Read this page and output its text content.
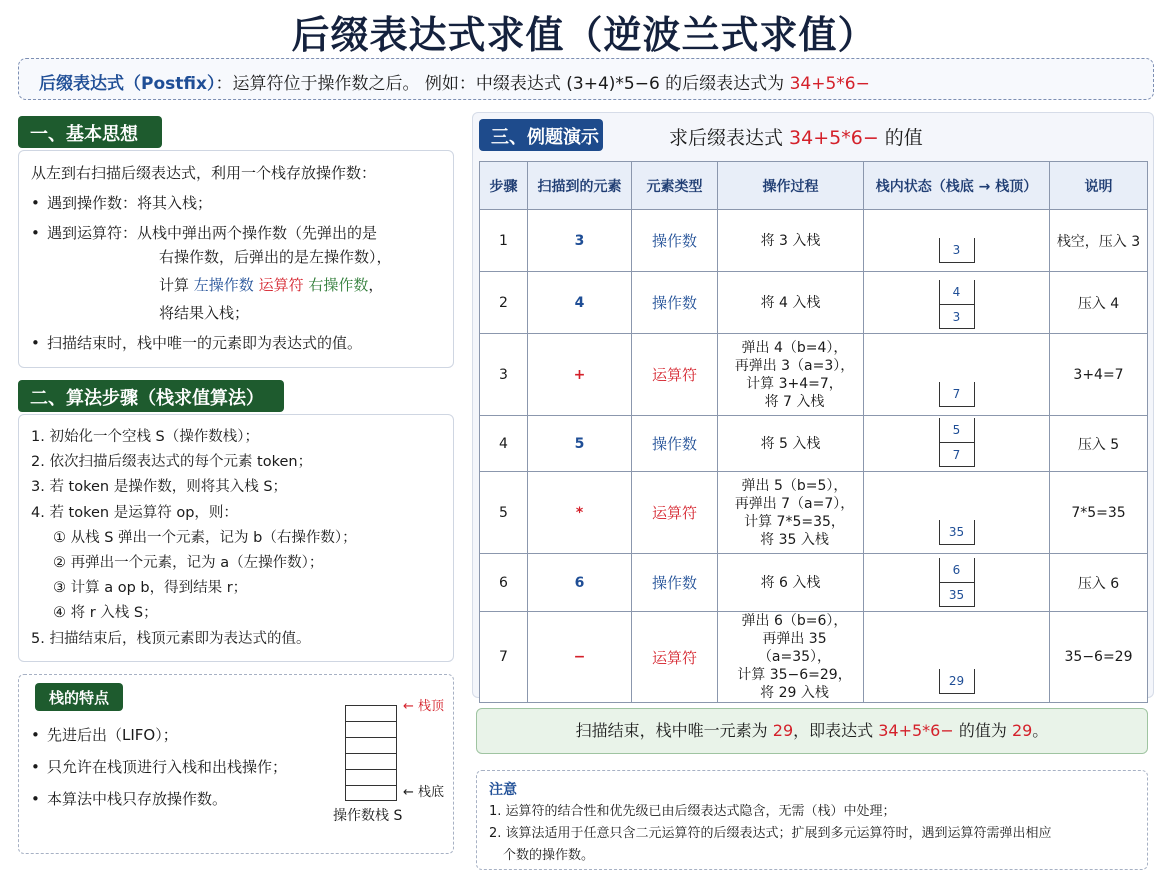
后缀表达式求值（逆波兰式求值）
后缀表达式（Postfix）：运算符位于操作数之后。 例如：中缀表达式 (3+4)*5−6 的后缀表达式为 34+5*6−
一、基本思想
从左到右扫描后缀表达式，利用一个栈存放操作数：
• 遇到操作数：将其入栈；
• 遇到运算符：从栈中弹出两个操作数（先弹出的是
右操作数，后弹出的是左操作数），
计算 左操作数 运算符 右操作数，
将结果入栈；
• 扫描结束时，栈中唯一的元素即为表达式的值。
二、算法步骤（栈求值算法）
1. 初始化一个空栈 S（操作数栈）；
2. 依次扫描后缀表达式的每个元素 token；
3. 若 token 是操作数，则将其入栈 S；
4. 若 token 是运算符 op，则：
① 从栈 S 弹出一个元素，记为 b（右操作数）；
② 再弹出一个元素，记为 a（左操作数）；
③ 计算 a op b，得到结果 r；
④ 将 r 入栈 S；
5. 扫描结束后，栈顶元素即为表达式的值。
栈的特点
• 先进后出（LIFO）；
• 只允许在栈顶进行入栈和出栈操作；
• 本算法中栈只存放操作数。
← 栈顶
← 栈底
操作数栈 S
三、例题演示	求后缀表达式 34+5*6− 的值
步骤	扫描到的元素	元素类型	操作过程	栈内状态（栈底 → 栈顶）	说明
1	3	操作数	将 3 入栈	3	栈空，压入 3
2	4	操作数	将 4 入栈	$\frac{4}{3}$	压入 4
3	+	运算符	弹出 4（b=4），
再弹出 3（a=3），
计算 3+4=7，
将 7 入栈	7	3+4=7
4	5	操作数	将 5 入栈	$\frac{5}{7}$	压入 5
5	*	运算符	弹出 5（b=5），
再弹出 7（a=7），
计算 7*5=35，
将 35 入栈	35	7*5=35
6	6	操作数	将 6 入栈	$\frac{6}{35}$	压入 6
7	−	运算符	弹出 6（b=6），
再弹出 35（a=35），
计算 35−6=29，
将 29 入栈	29	35−6=29
扫描结束，栈中唯一元素为 29，即表达式 34+5*6− 的值为 29。
注意
1. 运算符的结合性和优先级已由后缀表达式隐含，无需（栈）中处理；
2. 该算法适用于任意只含二元运算符的后缀表达式；扩展到多元运算符时，遇到运算符需弹出相应
个数的操作数。
